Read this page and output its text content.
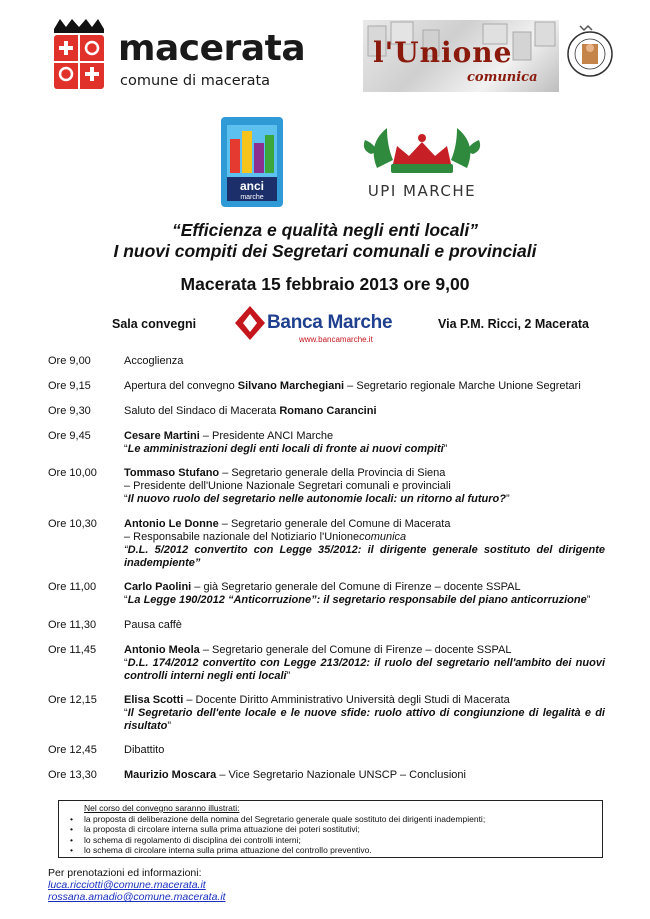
macerata
comune di macerata
l'Unione
comunica
anci
marche	UPI MARCHE
“Efficienza e qualità negli enti locali”
I nuovi compiti dei Segretari comunali e provinciali
Macerata 15 febbraio 2013 ore 9,00
Sala convegni	Banca Marche
www.bancamarche.it
Via P.M. Ricci, 2 Macerata
Ore 9,00	Accoglienza
Ore 9,15	Apertura del convegno Silvano Marchegiani – Segretario regionale Marche Unione Segretari
Ore 9,30	Saluto del Sindaco di Macerata Romano Carancini
Ore 9,45	Cesare Martini – Presidente ANCI Marche
“Le amministrazioni degli enti locali di fronte ai nuovi compiti”
Ore 10,00 Tommaso Stufano – Segretario generale della Provincia di Siena
– Presidente dell'Unione Nazionale Segretari comunali e provinciali
“Il nuovo ruolo del segretario nelle autonomie locali: un ritorno al futuro?”
Ore 10,30 Antonio Le Donne – Segretario generale del Comune di Macerata
– Responsabile nazionale del Notiziario l'Unionecomunica
“D.L. 5/2012 convertito con Legge 35/2012: il dirigente generale sostituto del dirigente inadempiente”
Ore 11,00	Carlo Paolini – già Segretario generale del Comune di Firenze – docente SSPAL
“La Legge 190/2012 “Anticorruzione”: il segretario responsabile del piano anticorruzione”
Ore 11,30	Pausa caffè
Ore 11,45	Antonio Meola – Segretario generale del Comune di Firenze – docente SSPAL
“D.L. 174/2012 convertito con Legge 213/2012: il ruolo del segretario nell'ambito dei nuovi controlli interni negli enti locali”
Ore 12,15 Elisa Scotti – Docente Diritto Amministrativo Università degli Studi di Macerata
“Il Segretario dell'ente locale e le nuove sfide: ruolo attivo di congiunzione di legalità e di risultato”
Ore 12,45 Dibattito
Ore 13,30 Maurizio Moscara – Vice Segretario Nazionale UNSCP – Conclusioni
Nel corso del convegno saranno illustrati:
• la proposta di deliberazione della nomina del Segretario generale quale sostituto dei dirigenti inadempienti;
• la proposta di circolare interna sulla prima attuazione dei poteri sostitutivi;
• lo schema di regolamento di disciplina dei controlli interni;
• lo schema di circolare interna sulla prima attuazione del controllo preventivo.
Per prenotazioni ed informazioni:
luca.ricciotti@comune.macerata.it
rossana.amadio@comune.macerata.it
